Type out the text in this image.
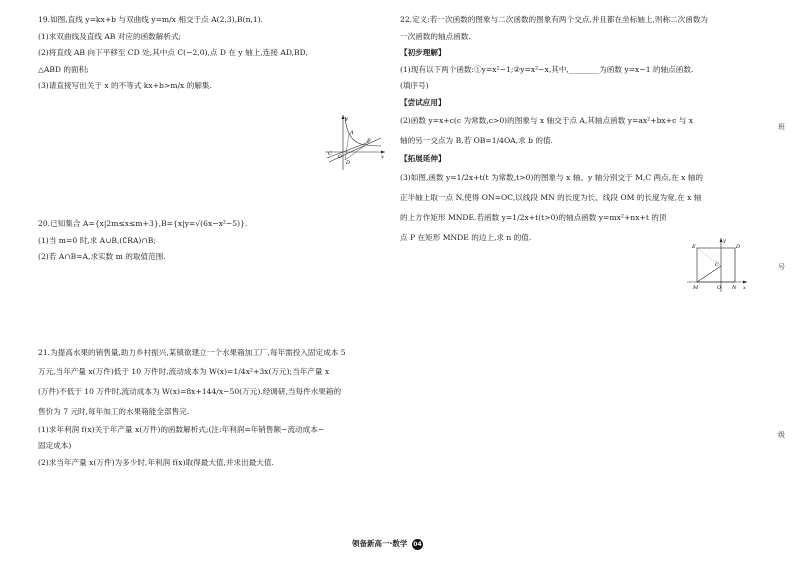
19.如图,直线 y=kx+b 与双曲线 y=m/x 相交于点 A(2,3),B(n,1).

(1)求双曲线及直线 AB 对应的函数解析式;

(2)将直线 AB 向下平移至 CD 处,其中点 C(−2,0),点 D 在 y 轴上,连接 AD,BD,

△ABD 的面积;

(3)请直接写出关于 x 的不等式 kx+b>m/x 的解集.

y
A
B
C O
D
x

20.已知集合 A={x|2m≤x≤m+3},B={x|y=√(6x−x²−5)}.

(1)当 m=0 时,求 A∪B,(∁RA)∩B;

(2)若 A∩B=A,求实数 m 的取值范围.

21.为提高水果的销售量,助力乡村振兴,某镇欲建立一个水果箱加工厂,每年需投入固定成本 5

万元,当年产量 x(万件)低于 10 万件时,流动成本为 W(x)=1/4x²+3x(万元);当年产量 x

(万件)不低于 10 万件时,流动成本为 W(x)=8x+144/x−50(万元).经调研,当每件水果箱的

售价为 7 元时,每年加工的水果箱能全部售完.

(1)求年利润 f(x)关于年产量 x(万件)的函数解析式;(注:年利润=年销售额−流动成本−

固定成本)

(2)求当年产量 x(万件)为多少时,年利润 f(x)取得最大值,并求出最大值.

22.定义:若一次函数的图象与二次函数的图象有两个交点,并且都在坐标轴上,则称二次函数为

一次函数的轴点函数.

【初步理解】

(1)现有以下两个函数:①y=x²−1;②y=x²−x,其中,________为函数 y=x−1 的轴点函数.

(填序号)

【尝试应用】

(2)函数 y=x+c(c 为常数,c>0)的图象与 x 轴交于点 A,其轴点函数 y=ax²+bx+c 与 x

轴的另一交点为 B,若 OB=1/4OA,求 b 的值.

【拓展延伸】

(3)如图,函数 y=1/2x+t(t 为常数,t>0)的图象与 x 轴、y 轴分别交于 M,C 两点,在 x 轴的

正半轴上取一点 N,使得 ON=OC,以线段 MN 的长度为长、线段 OM 的长度为宽,在 x 轴

的上方作矩形 MNDE.若函数 y=1/2x+t(t>0)的轴点函数 y=mx²+nx+t 的顶

点 P 在矩形 MNDE 的边上,求 n 的值.	y
E	D
C
M	O N x
班
号
级
领备新高一·数学 04
